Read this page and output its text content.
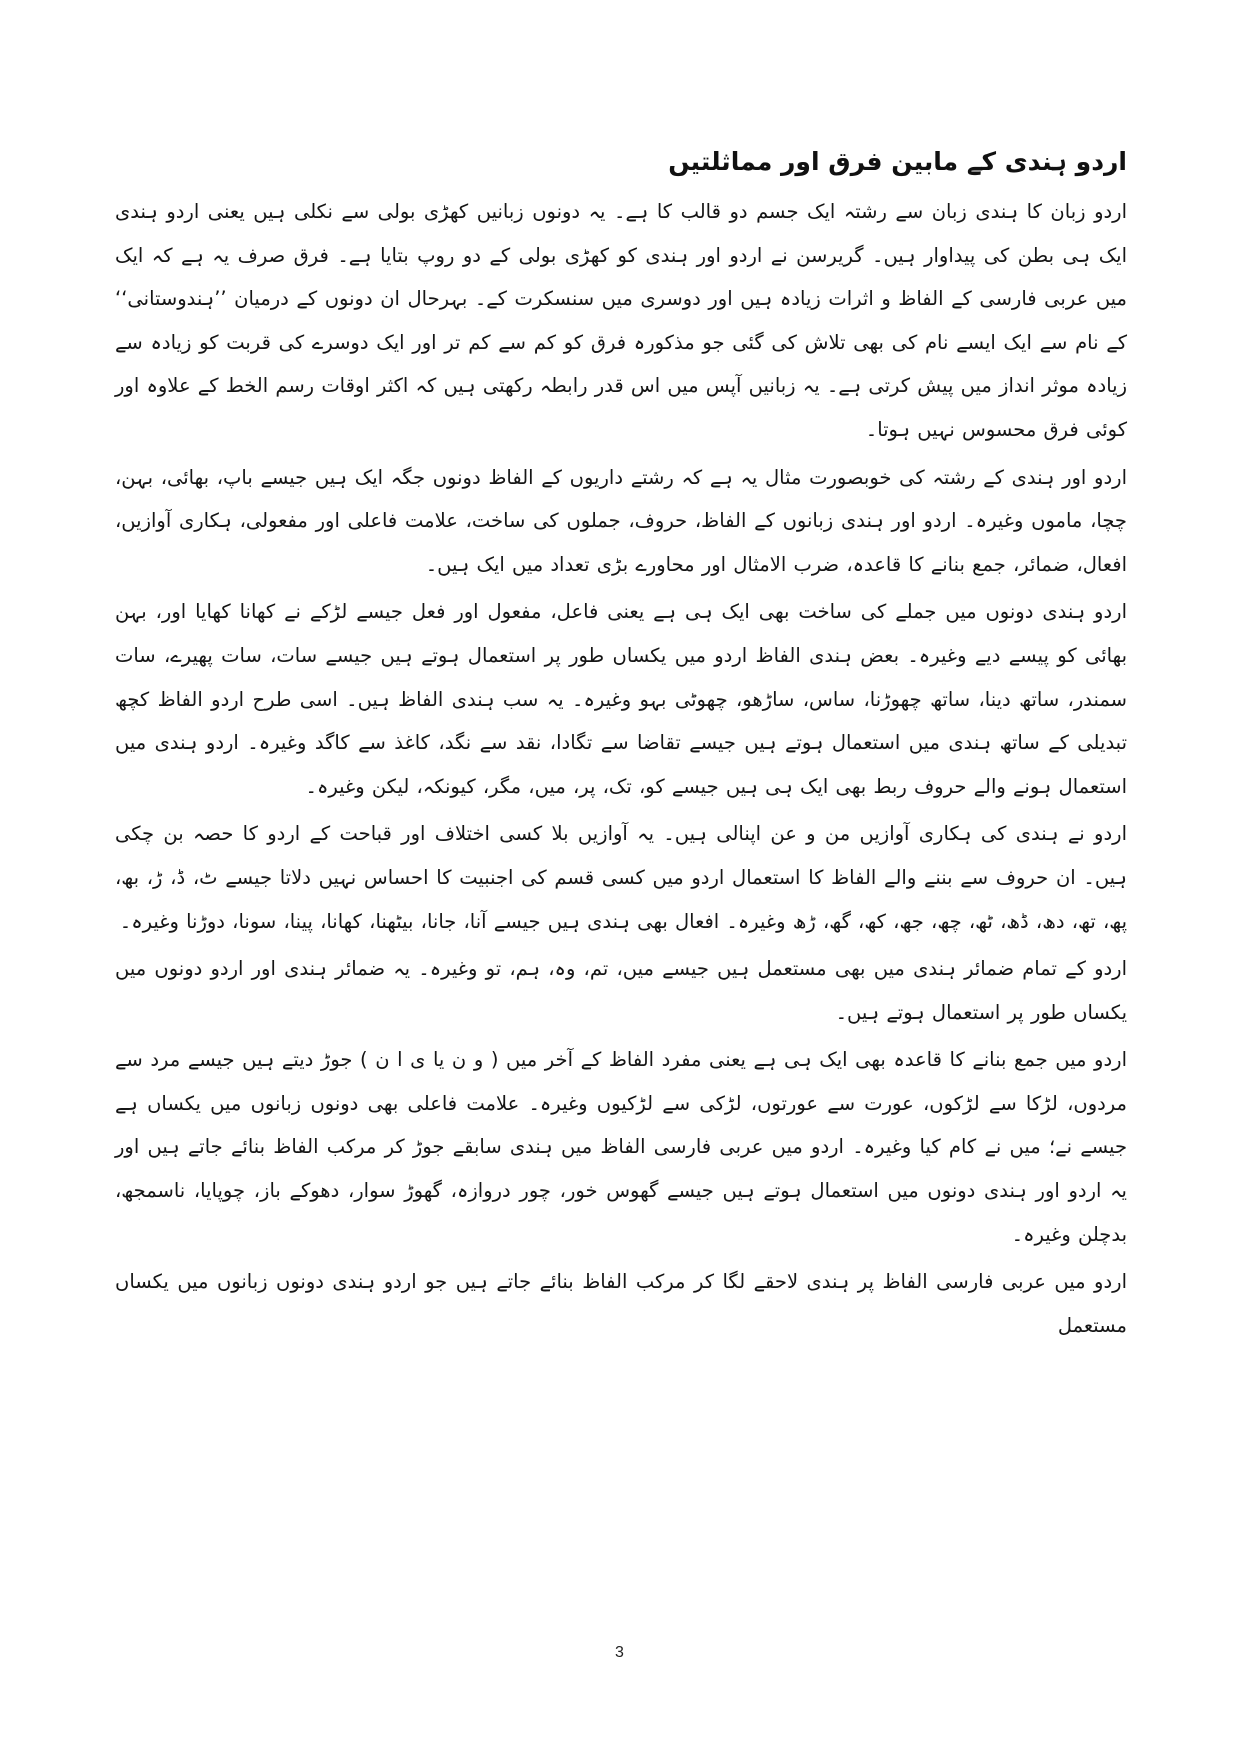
اردو ہندی کے مابین فرق اور مماثلتیں

اردو زبان کا ہندی زبان سے رشتہ ایک جسم دو قالب کا ہے۔ یہ دونوں زبانیں کھڑی بولی سے نکلی ہیں یعنی اردو ہندی ایک ہی بطن کی پیداوار ہیں۔ گریرسن نے اردو اور ہندی کو کھڑی بولی کے دو روپ بتایا ہے۔ فرق صرف یہ ہے کہ ایک میں عربی فارسی کے الفاظ و اثرات زیادہ ہیں اور دوسری میں سنسکرت کے۔ بہرحال ان دونوں کے درمیان ’’ہندوستانی‘‘ کے نام سے ایک ایسے نام کی بھی تلاش کی گئی جو مذکورہ فرق کو کم سے کم تر اور ایک دوسرے کی قربت کو زیادہ سے زیادہ موثر انداز میں پیش کرتی ہے۔ یہ زبانیں آپس میں اس قدر رابطہ رکھتی ہیں کہ اکثر اوقات رسم الخط کے علاوہ اور کوئی فرق محسوس نہیں ہوتا۔

اردو اور ہندی کے رشتہ کی خوبصورت مثال یہ ہے کہ رشتے داریوں کے الفاظ دونوں جگہ ایک ہیں جیسے باپ، بھائی، بہن، چچا، ماموں وغیرہ۔ اردو اور ہندی زبانوں کے الفاظ، حروف، جملوں کی ساخت، علامت فاعلی اور مفعولی، ہکاری آوازیں، افعال، ضمائر، جمع بنانے کا قاعدہ، ضرب الامثال اور محاورے بڑی تعداد میں ایک ہیں۔

اردو ہندی دونوں میں جملے کی ساخت بھی ایک ہی ہے یعنی فاعل، مفعول اور فعل جیسے لڑکے نے کھانا کھایا اور، بہن بھائی کو پیسے دیے وغیرہ۔ بعض ہندی الفاظ اردو میں یکساں طور پر استعمال ہوتے ہیں جیسے سات، سات پھیرے، سات سمندر، ساتھ دینا، ساتھ چھوڑنا، ساس، ساڑھو، چھوٹی بہو وغیرہ۔ یہ سب ہندی الفاظ ہیں۔ اسی طرح اردو الفاظ کچھ تبدیلی کے ساتھ ہندی میں استعمال ہوتے ہیں جیسے تقاضا سے تگادا، نقد سے نگد، کاغذ سے کاگد وغیرہ۔ اردو ہندی میں استعمال ہونے والے حروف ربط بھی ایک ہی ہیں جیسے کو، تک، پر، میں، مگر، کیونکہ، لیکن وغیرہ۔

اردو نے ہندی کی ہکاری آوازیں من و عن اپنالی ہیں۔ یہ آوازیں بلا کسی اختلاف اور قباحت کے اردو کا حصہ بن چکی ہیں۔ ان حروف سے بننے والے الفاظ کا استعمال اردو میں کسی قسم کی اجنبیت کا احساس نہیں دلاتا جیسے ٹ، ڈ، ڑ، بھ، پھ، تھ، دھ، ڈھ، ٹھ، چھ، جھ، کھ، گھ، ڑھ وغیرہ۔ افعال بھی ہندی ہیں جیسے آنا، جانا، بیٹھنا، کھانا، پینا، سونا، دوڑنا وغیرہ۔

اردو کے تمام ضمائر ہندی میں بھی مستعمل ہیں جیسے میں، تم، وہ، ہم، تو وغیرہ۔ یہ ضمائر ہندی اور اردو دونوں میں یکساں طور پر استعمال ہوتے ہیں۔

اردو میں جمع بنانے کا قاعدہ بھی ایک ہی ہے یعنی مفرد الفاظ کے آخر میں ( و ن یا ی ا ن ) جوڑ دیتے ہیں جیسے مرد سے مردوں، لڑکا سے لڑکوں، عورت سے عورتوں، لڑکی سے لڑکیوں وغیرہ۔ علامت فاعلی بھی دونوں زبانوں میں یکساں ہے جیسے نے؛ میں نے کام کیا وغیرہ۔ اردو میں عربی فارسی الفاظ میں ہندی سابقے جوڑ کر مرکب الفاظ بنائے جاتے ہیں اور یہ اردو اور ہندی دونوں میں استعمال ہوتے ہیں جیسے گھوس خور، چور دروازہ، گھوڑ سوار، دھوکے باز، چوپایا، ناسمجھ، بدچلن وغیرہ۔

اردو میں عربی فارسی الفاظ پر ہندی لاحقے لگا کر مرکب الفاظ بنائے جاتے ہیں جو اردو ہندی دونوں زبانوں میں یکساں مستعمل

3
